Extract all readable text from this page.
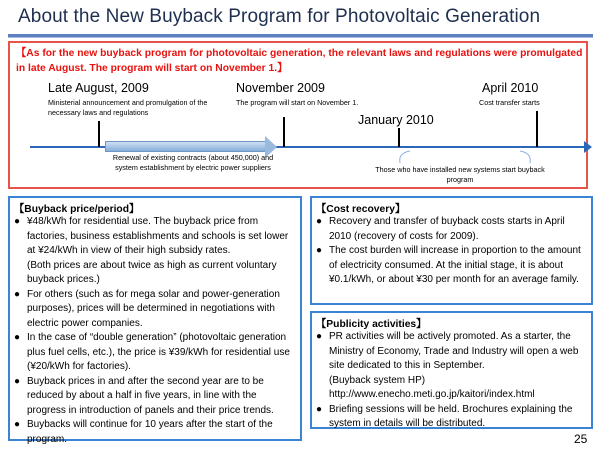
About the New Buyback Program for Photovoltaic Generation
【As for the new buyback program for photovoltaic generation, the relevant laws and regulations were promulgated in late August. The program will start on November 1.】
Late August, 2009
Ministerial announcement and promulgation of the necessary laws and regulations
November 2009
The program will start on November 1.
January 2010
April 2010
Cost transfer starts
Renewal of existing contracts (about 450,000) and system establishment by electric power suppliers	Those who have installed new systems start buyback program
【Buyback price/period】
● ¥48/kWh for residential use. The buyback price from factories, business establishments and schools is set lower at ¥24/kWh in view of their high subsidy rates.
(Both prices are about twice as high as current voluntary buyback prices.)
● For others (such as for mega solar and power-generation purposes), prices will be determined in negotiations with electric power companies.
● In the case of “double generation” (photovoltaic generation plus fuel cells, etc.), the price is ¥39/kWh for residential use (¥20/kWh for factories).
● Buyback prices in and after the second year are to be reduced by about a half in five years, in line with the progress in introduction of panels and their price trends.
● Buybacks will continue for 10 years after the start of the program.
【Cost recovery】
● Recovery and transfer of buyback costs starts in April 2010 (recovery of costs for 2009).
● The cost burden will increase in proportion to the amount of electricity consumed. At the initial stage, it is about ¥0.1/kWh, or about ¥30 per month for an average family.
【Publicity activities】
● PR activities will be actively promoted. As a starter, the Ministry of Economy, Trade and Industry will open a web site dedicated to this in September.
(Buyback system HP)
http://www.enecho.meti.go.jp/kaitori/index.html
● Briefing sessions will be held. Brochures explaining the system in details will be distributed.
25
